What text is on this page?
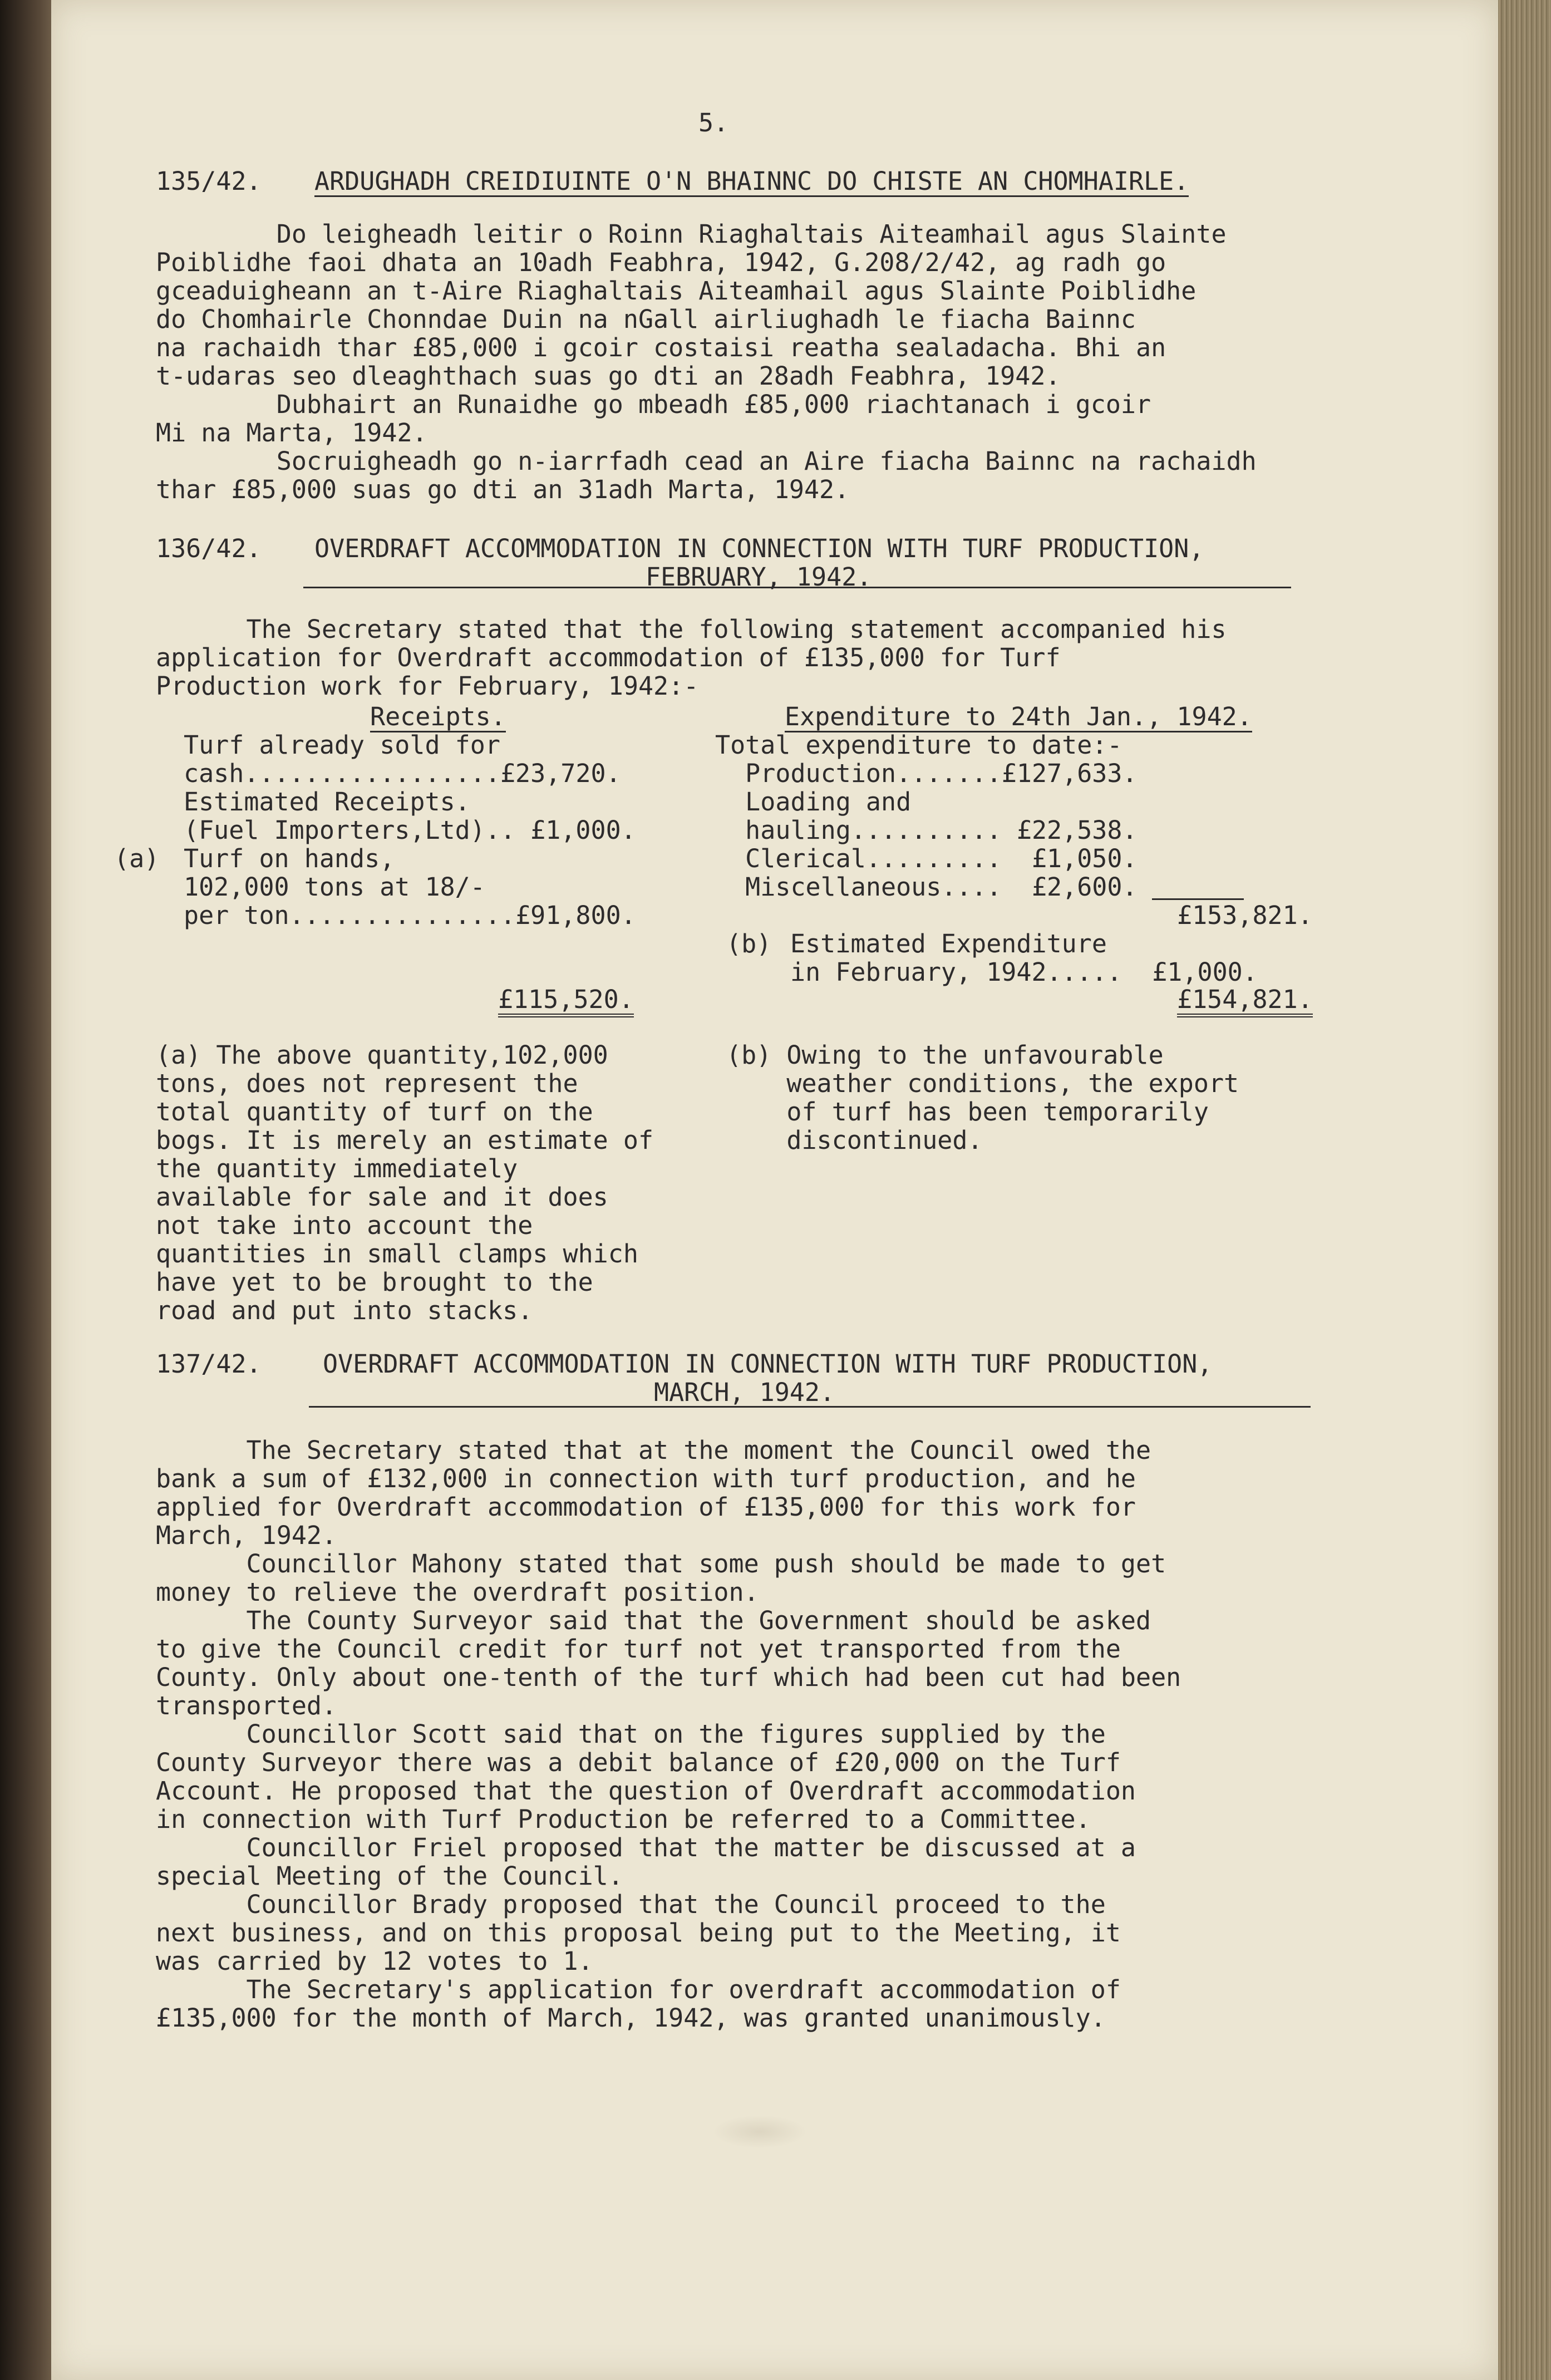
5.

135/42. ARDUGHADH CREIDIUINTE O'N BHAINNC DO CHISTE AN CHOMHAIRLE.

Do leigheadh leitir o Roinn Riaghaltais Aiteamhail agus Slainte
Poiblidhe faoi dhata an 10adh Feabhra, 1942, G.208/2/42, ag radh go
gceaduigheann an t-Aire Riaghaltais Aiteamhail agus Slainte Poiblidhe
do Chomhairle Chonndae Duin na nGall airliughadh le fiacha Bainnc
na rachaidh thar £85,000 i gcoir costaisi reatha sealadacha. Bhi an
t-udaras seo dleaghthach suas go dti an 28adh Feabhra, 1942.

Dubhairt an Runaidhe go mbeadh £85,000 riachtanach i gcoir
Mi na Marta, 1942.

Socruigheadh go n-iarrfadh cead an Aire fiacha Bainnc na rachaidh
thar £85,000 suas go dti an 31adh Marta, 1942.

136/42. OVERDRAFT ACCOMMODATION IN CONNECTION WITH TURF PRODUCTION,

FEBRUARY, 1942.

The Secretary stated that the following statement accompanied his
application for Overdraft accommodation of £135,000 for Turf
Production work for February, 1942:-

Receipts.

Turf already sold for

cash.................£23,720.

Estimated Receipts.

(Fuel Importers,Ltd).. £1,000.

(a) Turf on hands,

102,000 tons at 18/-

per ton...............£91,800.

£115,520.

Expenditure to 24th Jan., 1942.

Total expenditure to date:-

Production.......£127,633.

Loading and

hauling.......... £22,538.

Clerical.........  £1,050.

Miscellaneous....  £2,600.

£153,821.

(b) Estimated Expenditure

in February, 1942.....  £1,000.

£154,821.

(a) The above quantity,102,000
tons, does not represent the
total quantity of turf on the
bogs. It is merely an estimate of
the quantity immediately
available for sale and it does
not take into account the
quantities in small clamps which
have yet to be brought to the
road and put into stacks.

(b) Owing to the unfavourable
weather conditions, the export
of turf has been temporarily
discontinued.

137/42. OVERDRAFT ACCOMMODATION IN CONNECTION WITH TURF PRODUCTION,

MARCH, 1942.

The Secretary stated that at the moment the Council owed the
bank a sum of £132,000 in connection with turf production, and he
applied for Overdraft accommodation of £135,000 for this work for
March, 1942.

Councillor Mahony stated that some push should be made to get
money to relieve the overdraft position.

The County Surveyor said that the Government should be asked
to give the Council credit for turf not yet transported from the
County. Only about one-tenth of the turf which had been cut had been
transported.

Councillor Scott said that on the figures supplied by the
County Surveyor there was a debit balance of £20,000 on the Turf
Account. He proposed that the question of Overdraft accommodation
in connection with Turf Production be referred to a Committee.

Councillor Friel proposed that the matter be discussed at a
special Meeting of the Council.

Councillor Brady proposed that the Council proceed to the
next business, and on this proposal being put to the Meeting, it
was carried by 12 votes to 1.

The Secretary's application for overdraft accommodation of
£135,000 for the month of March, 1942, was granted unanimously.
